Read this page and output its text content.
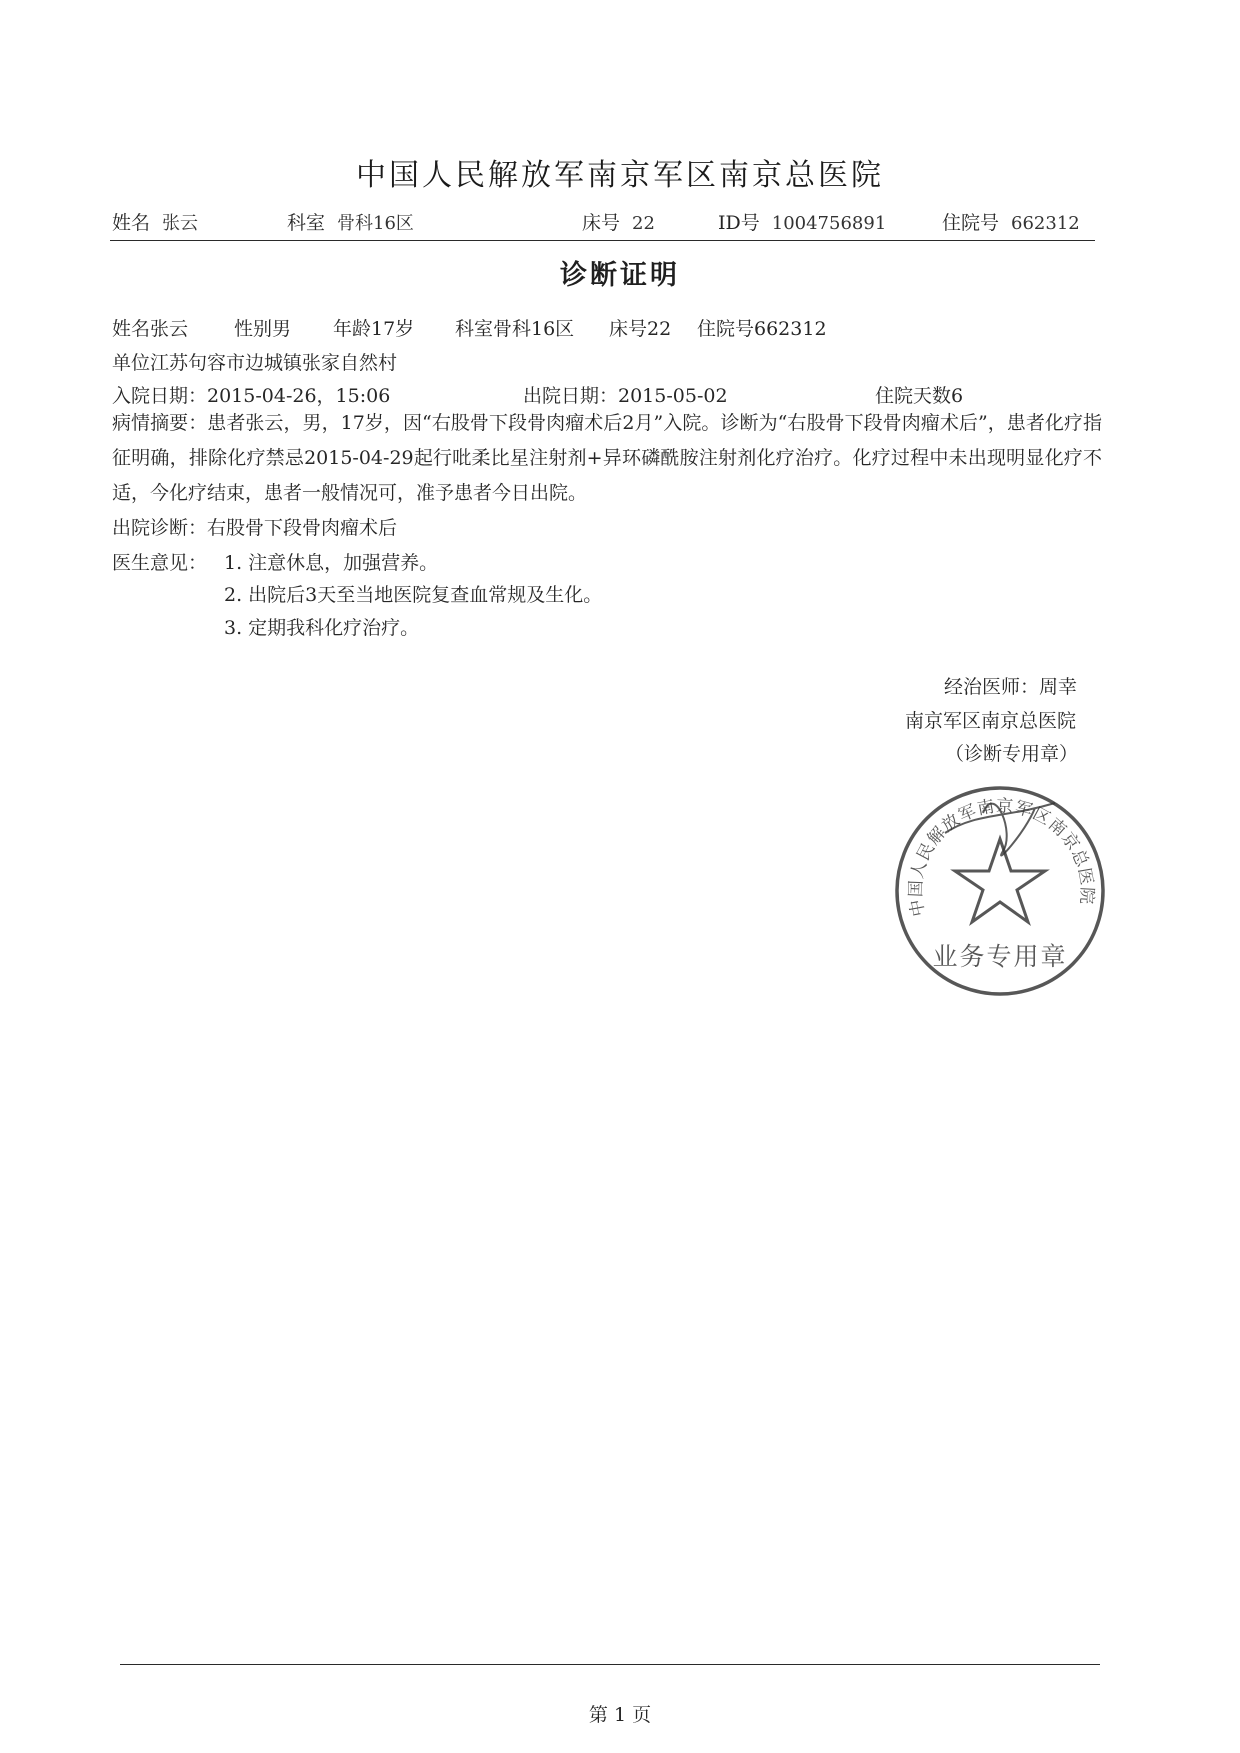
中国人民解放军南京军区南京总医院
姓名 张云	科室 骨科16区	床号 22	ID号 1004756891	住院号 662312
诊断证明
姓名张云 性别男 年龄17岁 科室骨科16区 床号22 住院号662312
单位江苏句容市边城镇张家自然村
入院日期：2015-04-26，15:06	出院日期：2015-05-02	住院天数6
病情摘要：患者张云，男，17岁，因“右股骨下段骨肉瘤术后2月”入院。诊断为“右股骨下段骨肉瘤术后”，患者化疗指征明确，排除化疗禁忌2015-04-29起行吡柔比星注射剂+异环磷酰胺注射剂化疗治疗。化疗过程中未出现明显化疗不适，今化疗结束，患者一般情况可，准予患者今日出院。
出院诊断：右股骨下段骨肉瘤术后
医生意见： 1. 注意休息，加强营养。
2. 出院后3天至当地医院复查血常规及生化。
3. 定期我科化疗治疗。
经治医师：周幸
南京军区南京总医院
（诊断专用章）
中国人民解放军南京军区南京总医院
业务专用章
第 1 页
